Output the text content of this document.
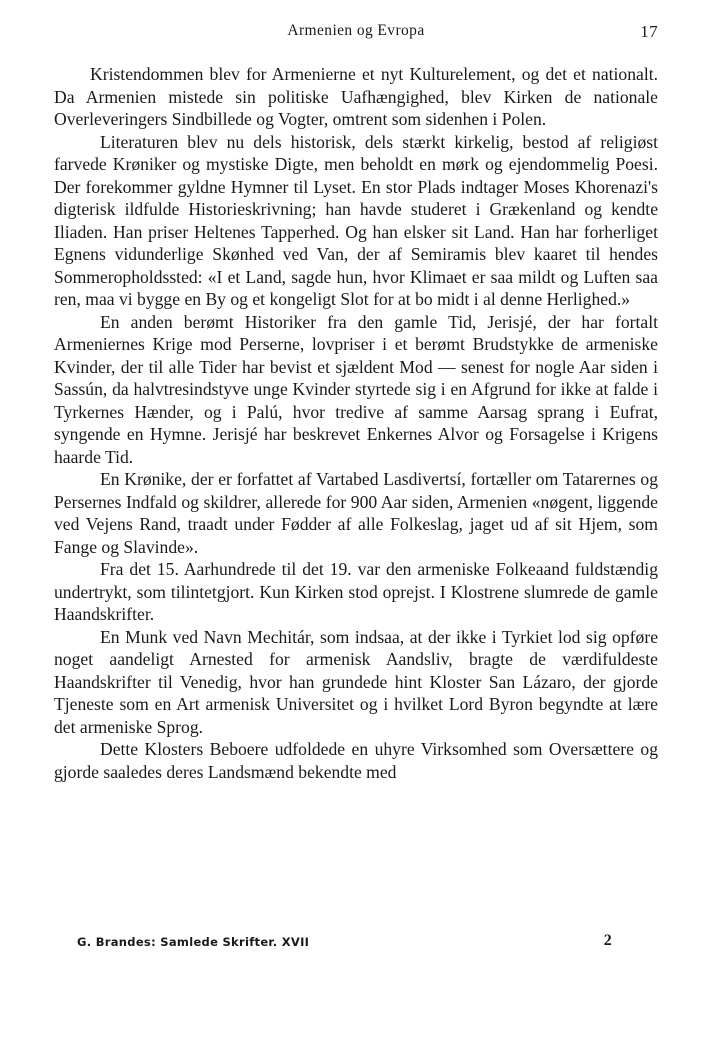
Armenien og Evropa	17

Kristendommen blev for Armenierne et nyt Kulturelement, og det et nationalt. Da Armenien mistede sin politiske Uafhængighed, blev Kirken de nationale Overleveringers Sindbillede og Vogter, omtrent som sidenhen i Polen.

Literaturen blev nu dels historisk, dels stærkt kirkelig, bestod af religiøst farvede Krøniker og mystiske Digte, men beholdt en mørk og ejendommelig Poesi. Der forekommer gyldne Hymner til Lyset. En stor Plads indtager Moses Khorenazi's digterisk ildfulde Historieskrivning; han havde studeret i Grækenland og kendte Iliaden. Han priser Heltenes Tapperhed. Og han elsker sit Land. Han har forherliget Egnens vidunderlige Skønhed ved Van, der af Semiramis blev kaaret til hendes Sommeropholdssted: «I et Land, sagde hun, hvor Klimaet er saa mildt og Luften saa ren, maa vi bygge en By og et kongeligt Slot for at bo midt i al denne Herlighed.»

En anden berømt Historiker fra den gamle Tid, Jerisjé, der har fortalt Armeniernes Krige mod Perserne, lovpriser i et berømt Brudstykke de armeniske Kvinder, der til alle Tider har bevist et sjældent Mod — senest for nogle Aar siden i Sassún, da halvtresindstyve unge Kvinder styrtede sig i en Afgrund for ikke at falde i Tyrkernes Hænder, og i Palú, hvor tredive af samme Aarsag sprang i Eufrat, syngende en Hymne. Jerisjé har beskrevet Enkernes Alvor og Forsagelse i Krigens haarde Tid.

En Krønike, der er forfattet af Vartabed Lasdivertsí, fortæller om Tatarernes og Persernes Indfald og skildrer, allerede for 900 Aar siden, Armenien «nøgent, liggende ved Vejens Rand, traadt under Fødder af alle Folkeslag, jaget ud af sit Hjem, som Fange og Slavinde».

Fra det 15. Aarhundrede til det 19. var den armeniske Folkeaand fuldstændig undertrykt, som tilintetgjort. Kun Kirken stod oprejst. I Klostrene slumrede de gamle Haandskrifter.

En Munk ved Navn Mechitár, som indsaa, at der ikke i Tyrkiet lod sig opføre noget aandeligt Arnested for armenisk Aandsliv, bragte de værdifuldeste Haandskrifter til Venedig, hvor han grundede hint Kloster San Lázaro, der gjorde Tjeneste som en Art armenisk Universitet og i hvilket Lord Byron begyndte at lære det armeniske Sprog.

Dette Klosters Beboere udfoldede en uhyre Virksomhed som Oversættere og gjorde saaledes deres Landsmænd bekendte med

G. Brandes: Samlede Skrifter. XVII	2
